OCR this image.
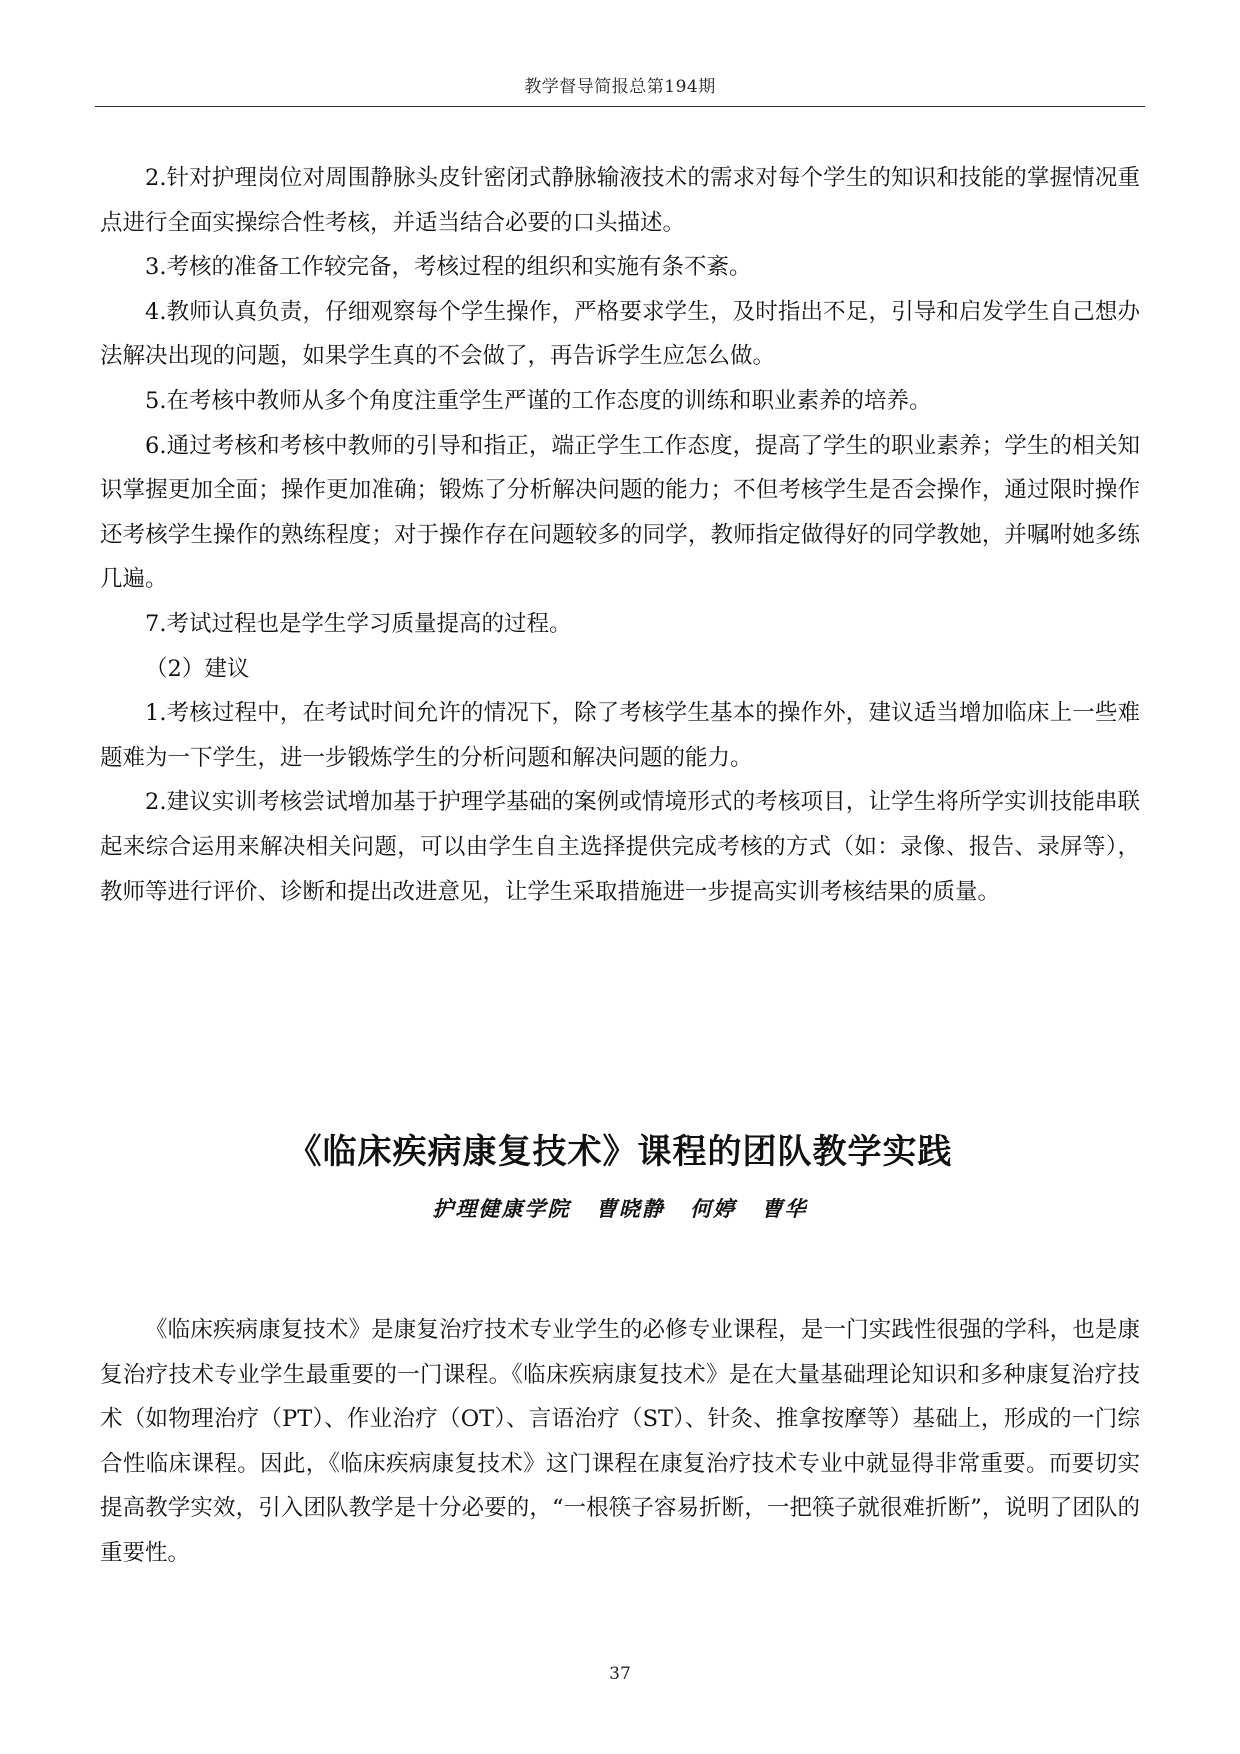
教学督导简报总第194期

2.针对护理岗位对周围静脉头皮针密闭式静脉输液技术的需求对每个学生的知识和技能的掌握情况重点进行全面实操综合性考核，并适当结合必要的口头描述。

3.考核的准备工作较完备，考核过程的组织和实施有条不紊。

4.教师认真负责，仔细观察每个学生操作，严格要求学生，及时指出不足，引导和启发学生自己想办法解决出现的问题，如果学生真的不会做了，再告诉学生应怎么做。

5.在考核中教师从多个角度注重学生严谨的工作态度的训练和职业素养的培养。

6.通过考核和考核中教师的引导和指正，端正学生工作态度，提高了学生的职业素养；学生的相关知识掌握更加全面；操作更加准确；锻炼了分析解决问题的能力；不但考核学生是否会操作，通过限时操作还考核学生操作的熟练程度；对于操作存在问题较多的同学，教师指定做得好的同学教她，并嘱咐她多练几遍。

7.考试过程也是学生学习质量提高的过程。

（2）建议

1.考核过程中，在考试时间允许的情况下，除了考核学生基本的操作外，建议适当增加临床上一些难题难为一下学生，进一步锻炼学生的分析问题和解决问题的能力。

2.建议实训考核尝试增加基于护理学基础的案例或情境形式的考核项目，让学生将所学实训技能串联起来综合运用来解决相关问题，可以由学生自主选择提供完成考核的方式（如：录像、报告、录屏等），教师等进行评价、诊断和提出改进意见，让学生采取措施进一步提高实训考核结果的质量。

《临床疾病康复技术》课程的团队教学实践
护理健康学院 曹晓静 何婷 曹华

《临床疾病康复技术》是康复治疗技术专业学生的必修专业课程，是一门实践性很强的学科，也是康复治疗技术专业学生最重要的一门课程。《临床疾病康复技术》是在大量基础理论知识和多种康复治疗技术（如物理治疗（PT）、作业治疗（OT）、言语治疗（ST）、针灸、推拿按摩等）基础上，形成的一门综合性临床课程。因此，《临床疾病康复技术》这门课程在康复治疗技术专业中就显得非常重要。而要切实提高教学实效，引入团队教学是十分必要的，“一根筷子容易折断，一把筷子就很难折断”，说明了团队的重要性。

37
